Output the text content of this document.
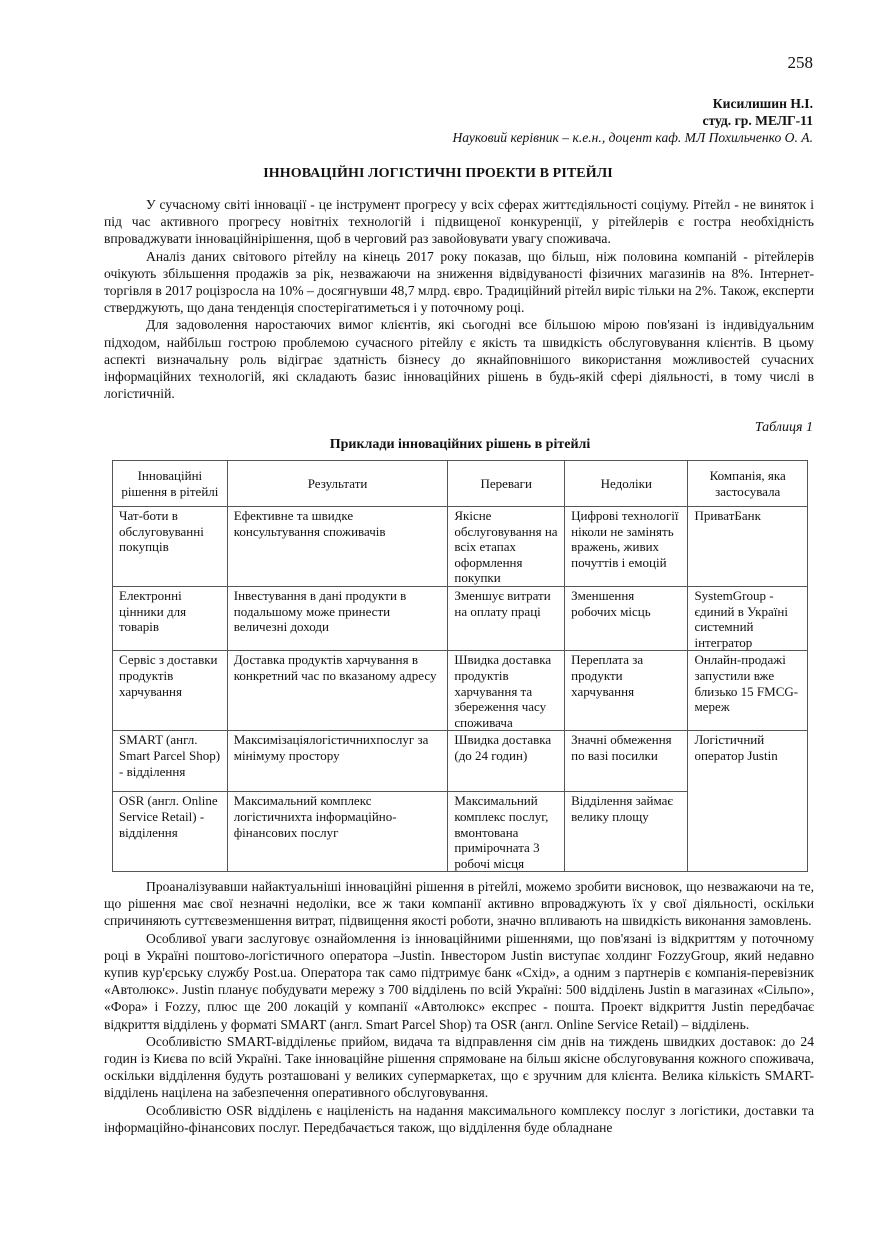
258
Кисилишин Н.І.
студ. гр. МЕЛГ-11
Науковий керівник – к.е.н., доцент каф. МЛ Похильченко О. А.
ІННОВАЦІЙНІ ЛОГІСТИЧНІ ПРОЕКТИ В РІТЕЙЛІ

У сучасному світі інновації - це інструмент прогресу у всіх сферах життєдіяльності соціуму. Рітейл - не виняток і під час активного прогресу новітніх технологій і підвищеної конкуренції, у рітейлерів є гостра необхідність впроваджувати інноваційнірішення, щоб в черговий раз завойовувати увагу споживача.

Аналіз даних світового рітейлу на кінець 2017 року показав, що більш, ніж половина компаній - рітейлерів очікують збільшення продажів за рік, незважаючи на зниження відвідуваності фізичних магазинів на 8%. Інтернет-торгівля в 2017 роцізросла на 10% – досягнувши 48,7 млрд. євро. Традиційний рітейл виріс тільки на 2%. Також, експерти стверджують, що дана тенденція спостерігатиметься і у поточному році.

Для задоволення наростаючих вимог клієнтів, які сьогодні все більшою мірою пов'язані із індивідуальним підходом, найбільш гострою проблемою сучасного рітейлу є якість та швидкість обслуговування клієнтів. В цьому аспекті визначальну роль відіграє здатність бізнесу до якнайповнішого використання можливостей сучасних інформаційних технологій, які складають базис інноваційних рішень в будь-якій сфері діяльності, в тому числі в логістичній.

Таблиця 1
Приклади інноваційних рішень в рітейлі
Інноваційні рішення в рітейлі	Результати	Переваги	Недоліки	Компанія, яка застосувала
Чат-боти в обслуговуванні покупців	Ефективне та швидке консультування споживачів	Якісне обслуговування на всіх етапах оформлення покупки	Цифрові технології ніколи не замінять вражень, живих почуттів і емоцій	ПриватБанк
Електронні цінники для товарів	Інвестування в дані продукти в подальшому може принести величезні доходи	Зменшує витрати на оплату праці	Зменшення робочих місць	SystemGroup - єдиний в Україні системний інтегратор
Сервіс з доставки продуктів харчування	Доставка продуктів харчування в конкретний час по вказаному адресу	Швидка доставка продуктів харчування та збереження часу споживача	Переплата за продукти харчування	Онлайн-продажі запустили вже близько 15 FMCG-мереж
SMART (англ. Smart Parcel Shop) - відділення	Максимізаціялогістичнихпослуг за мінімуму простору	Швидка доставка (до 24 годин)	Значні обмеження по вазі посилки	Логістичний оператор Justin
OSR (англ. Online Service Retail) - відділення	Максимальний комплекс логістичнихта інформаційно-фінансових послуг	Максимальний комплекс послуг, вмонтована примірочната 3 робочі місця	Відділення займає велику площу	

Проаналізувавши найактуальніші інноваційні рішення в рітейлі, можемо зробити висновок, що незважаючи на те, що рішення має свої незначні недоліки, все ж таки компанії активно впроваджують їх у свої діяльності, оскільки спричиняють суттєвезменшення витрат, підвищення якості роботи, значно впливають на швидкість виконання замовлень.

Особливої уваги заслуговує ознайомлення із інноваційними рішеннями, що пов'язані із відкриттям у поточному році в Україні поштово-логістичного оператора –Justin. Інвестором Justin виступає холдинг FozzyGroup, який недавно купив кур'єрську службу Post.ua. Оператора так само підтримує банк «Схід», а одним з партнерів є компанія-перевізник «Автолюкс». Justin планує побудувати мережу з 700 відділень по всій Україні: 500 відділень Justin в магазинах «Сільпо», «Фора» і Fozzy, плюс ще 200 локацій у компанії «Автолюкс» експрес - пошта. Проект відкриття Justin передбачає відкриття відділень у форматі SMART (англ. Smart Parcel Shop) та OSR (англ. Online Service Retail) – відділень.

Особливістю SMART-відділеньє прийом, видача та відправлення сім днів на тиждень швидких доставок: до 24 годин із Києва по всій Україні. Таке інноваційне рішення спрямоване на більш якісне обслуговування кожного споживача, оскільки відділення будуть розташовані у великих супермаркетах, що є зручним для клієнта. Велика кількість SMART-відділень націлена на забезпечення оперативного обслуговування.

Особливістю OSR відділень є націленість на надання максимального комплексу послуг з логістики, доставки та інформаційно-фінансових послуг. Передбачається також, що відділення буде обладнане
